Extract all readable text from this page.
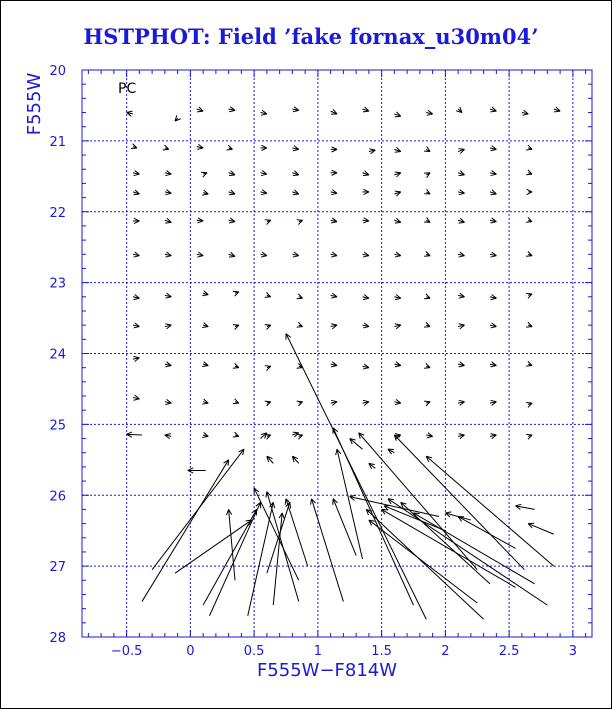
HSTPHOT: Field ’fake fornax_u30m04’
−0.5	0	0.5	1	1.5	2	2.5	3
20
21
22
23
24
25
26
27
28
PC
F555W−F814W
F555W
